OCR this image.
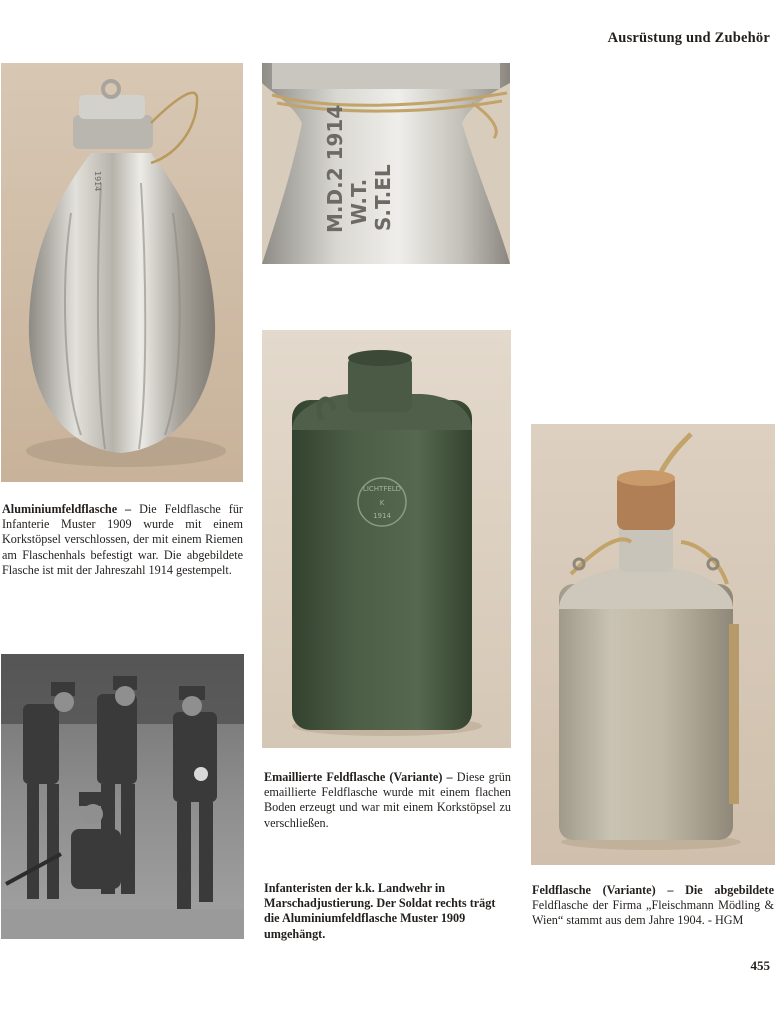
Ausrüstung und Zubehör
1914	M.D.2 1914 W.T. S.T.EL
LICHTFELD
K
1914
Aluminiumfeldflasche – Die Feldflasche für Infanterie Muster 1909 wurde mit einem Korkstöpsel verschlossen, der mit einem Riemen am Flaschenhals befestigt war. Die abgebildete Flasche ist mit der Jahreszahl 1914 gestempelt.
Emaillierte Feldflasche (Variante) – Diese grün emaillierte Feldflasche wurde mit einem flachen Boden erzeugt und war mit einem Korkstöpsel zu verschließen.
Infanteristen der k.k. Landwehr in Marschadjustierung. Der Soldat rechts trägt die Aluminiumfeldflasche Muster 1909 umgehängt.
Feldflasche (Variante) – Die abgebildete Feldflasche der Firma „Fleischmann Mödling & Wien“ stammt aus dem Jahre 1904. - HGM
455
